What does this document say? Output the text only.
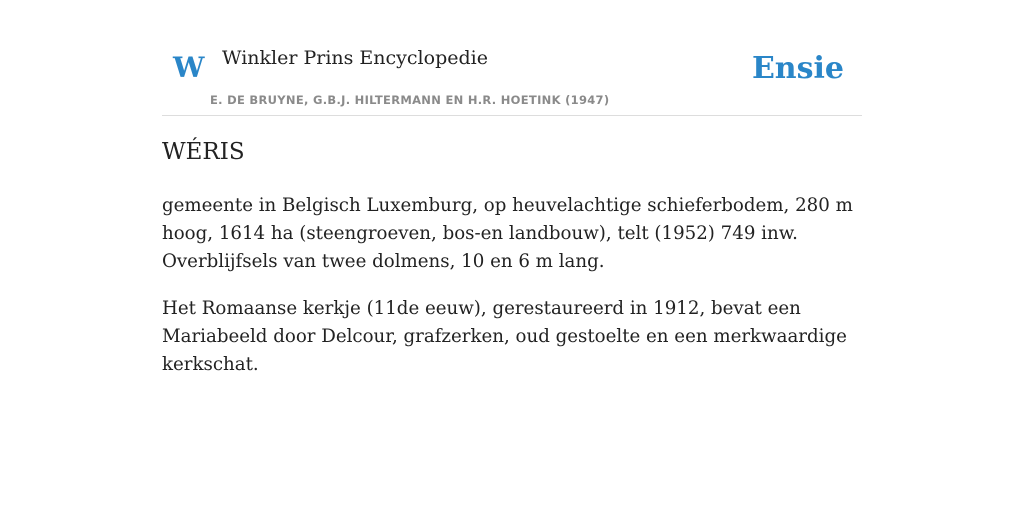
W Winkler Prins Encyclopedie
E. DE BRUYNE, G.B.J. HILTERMANN EN H.R. HOETINK (1947)
Ensie
WÉRIS

gemeente in Belgisch Luxemburg, op heuvelachtige schieferbodem, 280 m hoog, 1614 ha (steengroeven, bos-en landbouw), telt (1952) 749 inw. Overblijfsels van twee dolmens, 10 en 6 m lang.

Het Romaanse kerkje (11de eeuw), gerestaureerd in 1912, bevat een Mariabeeld door Delcour, grafzerken, oud gestoelte en een merkwaardige kerkschat.
